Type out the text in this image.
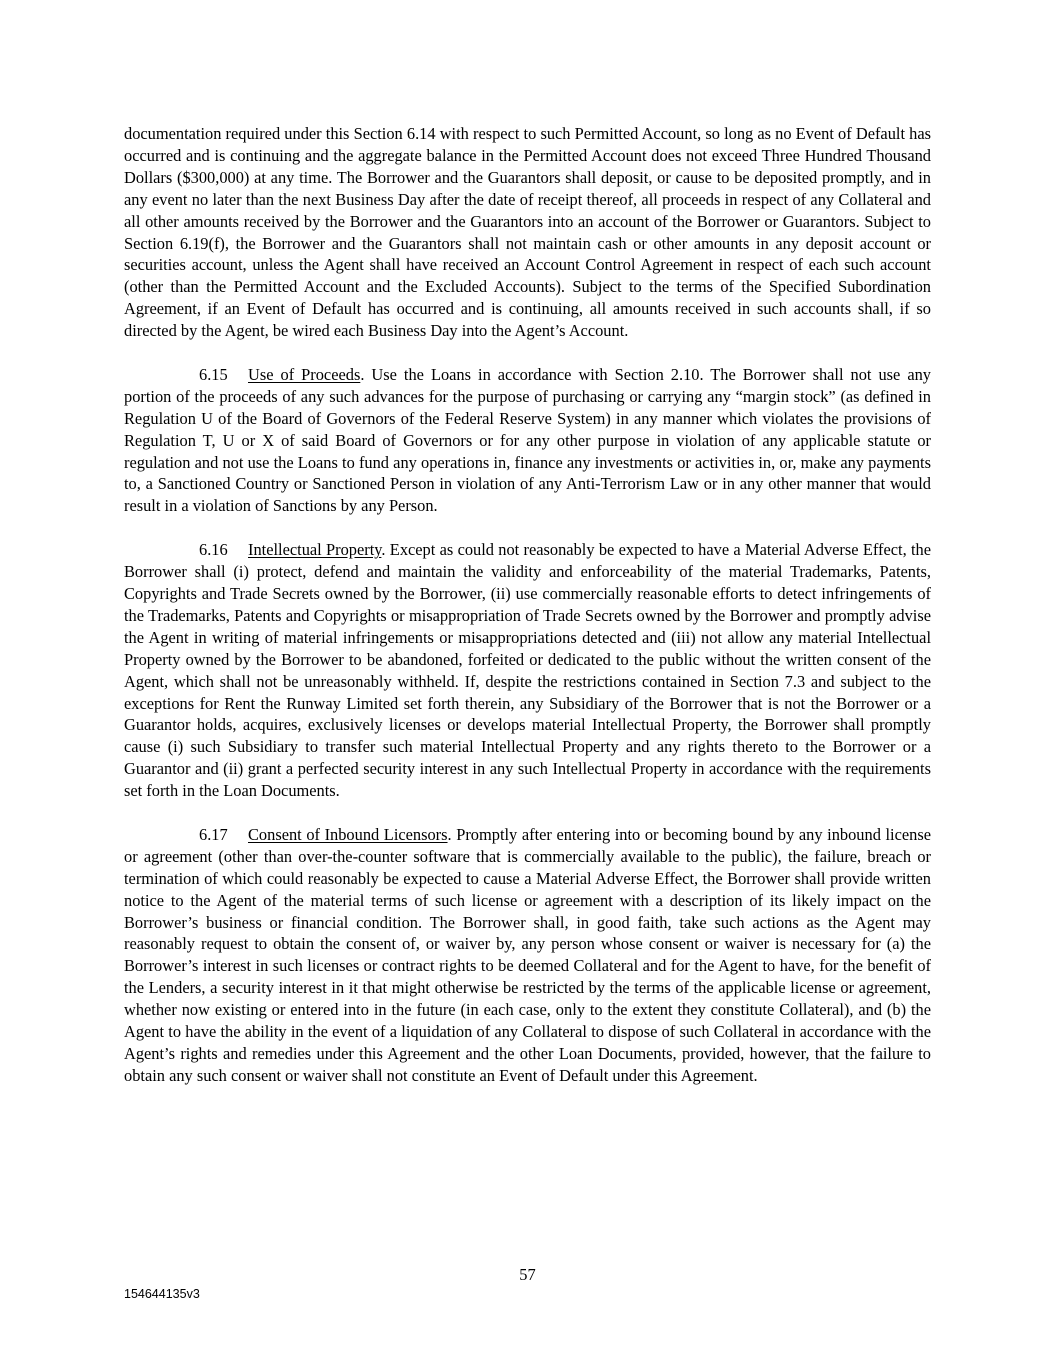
documentation required under this Section 6.14 with respect to such Permitted Account, so long as no Event of Default has occurred and is continuing and the aggregate balance in the Permitted Account does not exceed Three Hundred Thousand Dollars ($300,000) at any time. The Borrower and the Guarantors shall deposit, or cause to be deposited promptly, and in any event no later than the next Business Day after the date of receipt thereof, all proceeds in respect of any Collateral and all other amounts received by the Borrower and the Guarantors into an account of the Borrower or Guarantors. Subject to Section 6.19(f), the Borrower and the Guarantors shall not maintain cash or other amounts in any deposit account or securities account, unless the Agent shall have received an Account Control Agreement in respect of each such account (other than the Permitted Account and the Excluded Accounts). Subject to the terms of the Specified Subordination Agreement, if an Event of Default has occurred and is continuing, all amounts received in such accounts shall, if so directed by the Agent, be wired each Business Day into the Agent’s Account.

6.15 Use of Proceeds. Use the Loans in accordance with Section 2.10. The Borrower shall not use any portion of the proceeds of any such advances for the purpose of purchasing or carrying any “margin stock” (as defined in Regulation U of the Board of Governors of the Federal Reserve System) in any manner which violates the provisions of Regulation T, U or X of said Board of Governors or for any other purpose in violation of any applicable statute or regulation and not use the Loans to fund any operations in, finance any investments or activities in, or, make any payments to, a Sanctioned Country or Sanctioned Person in violation of any Anti-Terrorism Law or in any other manner that would result in a violation of Sanctions by any Person.

6.16 Intellectual Property. Except as could not reasonably be expected to have a Material Adverse Effect, the Borrower shall (i) protect, defend and maintain the validity and enforceability of the material Trademarks, Patents, Copyrights and Trade Secrets owned by the Borrower, (ii) use commercially reasonable efforts to detect infringements of the Trademarks, Patents and Copyrights or misappropriation of Trade Secrets owned by the Borrower and promptly advise the Agent in writing of material infringements or misappropriations detected and (iii) not allow any material Intellectual Property owned by the Borrower to be abandoned, forfeited or dedicated to the public without the written consent of the Agent, which shall not be unreasonably withheld. If, despite the restrictions contained in Section 7.3 and subject to the exceptions for Rent the Runway Limited set forth therein, any Subsidiary of the Borrower that is not the Borrower or a Guarantor holds, acquires, exclusively licenses or develops material Intellectual Property, the Borrower shall promptly cause (i) such Subsidiary to transfer such material Intellectual Property and any rights thereto to the Borrower or a Guarantor and (ii) grant a perfected security interest in any such Intellectual Property in accordance with the requirements set forth in the Loan Documents.

6.17 Consent of Inbound Licensors. Promptly after entering into or becoming bound by any inbound license or agreement (other than over-the-counter software that is commercially available to the public), the failure, breach or termination of which could reasonably be expected to cause a Material Adverse Effect, the Borrower shall provide written notice to the Agent of the material terms of such license or agreement with a description of its likely impact on the Borrower’s business or financial condition. The Borrower shall, in good faith, take such actions as the Agent may reasonably request to obtain the consent of, or waiver by, any person whose consent or waiver is necessary for (a) the Borrower’s interest in such licenses or contract rights to be deemed Collateral and for the Agent to have, for the benefit of the Lenders, a security interest in it that might otherwise be restricted by the terms of the applicable license or agreement, whether now existing or entered into in the future (in each case, only to the extent they constitute Collateral), and (b) the Agent to have the ability in the event of a liquidation of any Collateral to dispose of such Collateral in accordance with the Agent’s rights and remedies under this Agreement and the other Loan Documents, provided, however, that the failure to obtain any such consent or waiver shall not constitute an Event of Default under this Agreement.

57
154644135v3
